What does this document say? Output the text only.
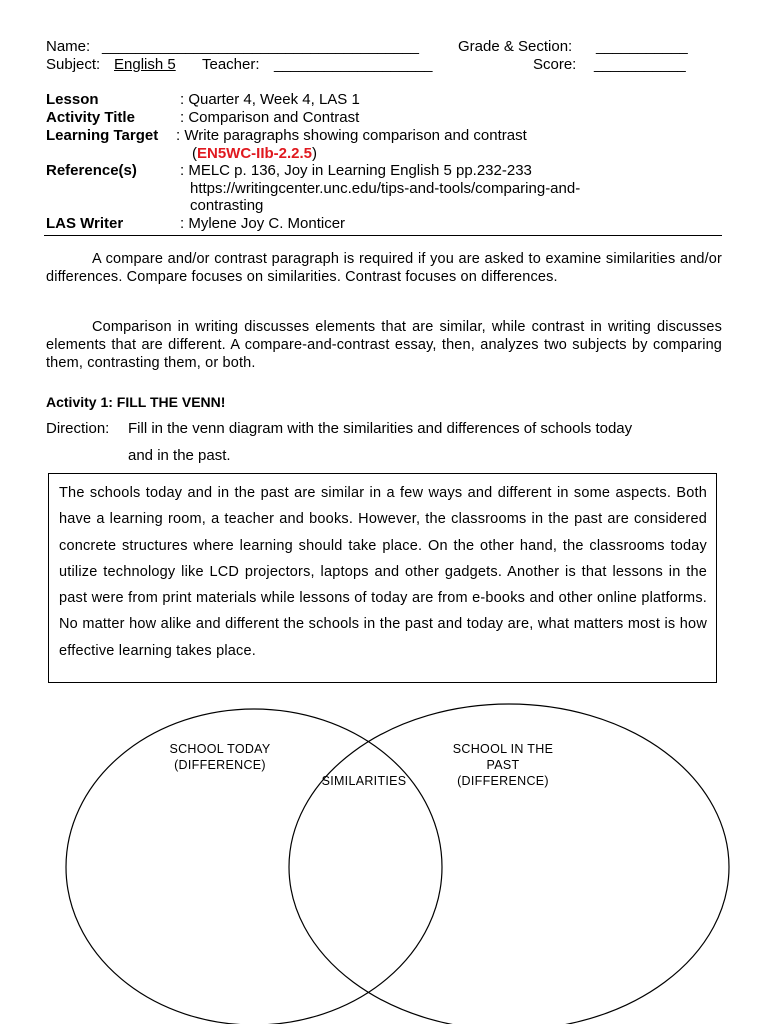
Name: ______________________________________	Grade & Section: ___________
Subject: English 5 Teacher: ___________________	Score: ___________
Lesson	: Quarter 4, Week 4, LAS 1
Activity Title	: Comparison and Contrast
Learning Target : Write paragraphs showing comparison and contrast
(EN5WC-IIb-2.2.5)
Reference(s)	: MELC p. 136, Joy in Learning English 5 pp.232-233
https://writingcenter.unc.edu/tips-and-tools/comparing-and-
contrasting
LAS Writer	: Mylene Joy C. Monticer
A compare and/or contrast paragraph is required if you are asked to examine similarities and/or differences. Compare focuses on similarities. Contrast focuses on differences.
Comparison in writing discusses elements that are similar, while contrast in writing discusses elements that are different. A compare-and-contrast essay, then, analyzes two subjects by comparing them, contrasting them, or both.
Activity 1: FILL THE VENN!
Direction: Fill in the venn diagram with the similarities and differences of schools today
and in the past.
The schools today and in the past are similar in a few ways and different in some aspects. Both have a learning room, a teacher and books. However, the classrooms in the past are considered concrete structures where learning should take place. On the other hand, the classrooms today utilize technology like LCD projectors, laptops and other gadgets. Another is that lessons in the past were from print materials while lessons of today are from e-books and other online platforms. No matter how alike and different the schools in the past and today are, what matters most is how effective learning takes place.
SCHOOL TODAY
(DIFFERENCE)
SIMILARITIES
SCHOOL IN THE
PAST
(DIFFERENCE)
